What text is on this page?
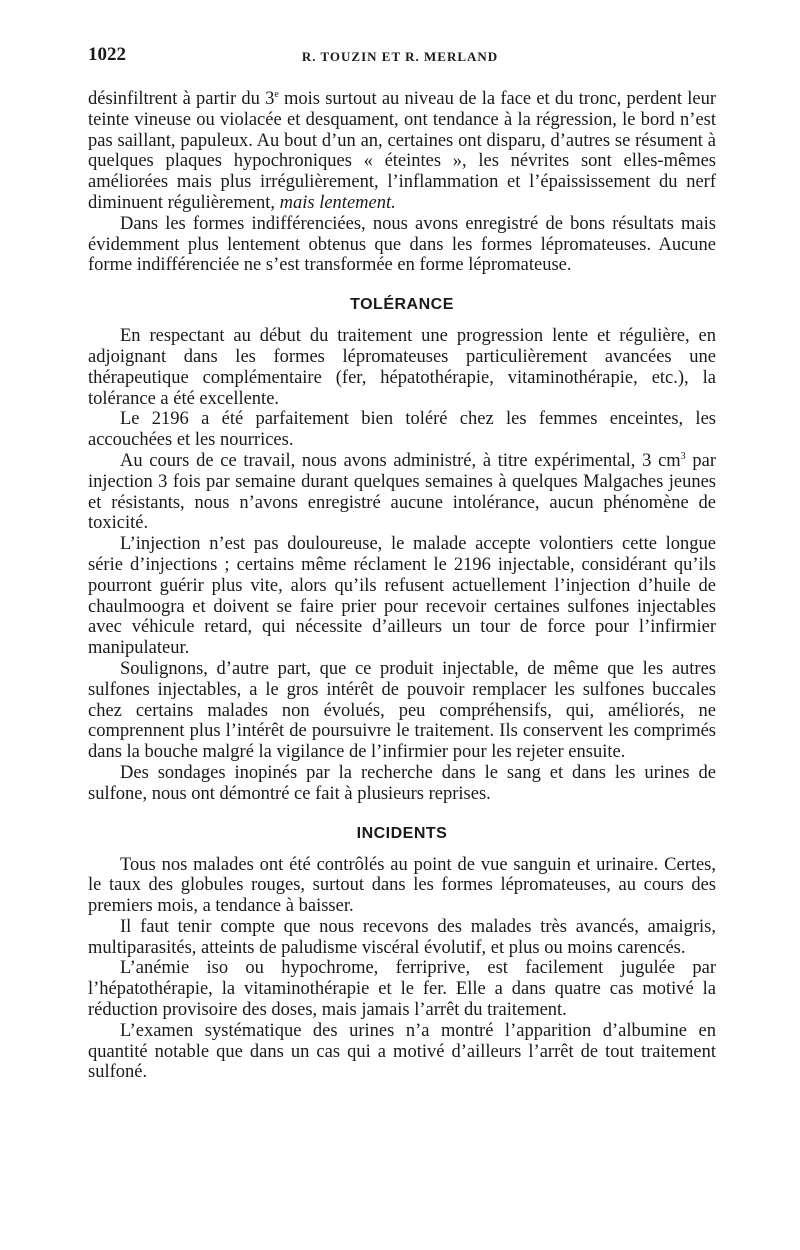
1022	R. TOUZIN ET R. MERLAND

désinfiltrent à partir du 3e mois surtout au niveau de la face et du tronc, perdent leur teinte vineuse ou violacée et desquament, ont tendance à la régression, le bord n’est pas saillant, papuleux. Au bout d’un an, certaines ont disparu, d’autres se résument à quelques plaques hypochroniques « éteintes », les névrites sont elles-mêmes améliorées mais plus irrégulièrement, l’inflammation et l’épaississement du nerf diminuent régulièrement, mais lentement.

Dans les formes indifférenciées, nous avons enregistré de bons résultats mais évidemment plus lentement obtenus que dans les formes lépromateuses. Aucune forme indifférenciée ne s’est transformée en forme lépromateuse.

TOLÉRANCE

En respectant au début du traitement une progression lente et régulière, en adjoignant dans les formes lépromateuses particulièrement avancées une thérapeutique complémentaire (fer, hépatothérapie, vitaminothérapie, etc.), la tolérance a été excellente.

Le 2196 a été parfaitement bien toléré chez les femmes enceintes, les accouchées et les nourrices.

Au cours de ce travail, nous avons administré, à titre expérimental, 3 $cm^3$ par injection 3 fois par semaine durant quelques semaines à quelques Malgaches jeunes et résistants, nous n’avons enregistré aucune intolérance, aucun phénomène de toxicité.

L’injection n’est pas douloureuse, le malade accepte volontiers cette longue série d’injections ; certains même réclament le 2196 injectable, considérant qu’ils pourront guérir plus vite, alors qu’ils refusent actuellement l’injection d’huile de chaulmoogra et doivent se faire prier pour recevoir certaines sulfones injectables avec véhicule retard, qui nécessite d’ailleurs un tour de force pour l’infirmier manipulateur.

Soulignons, d’autre part, que ce produit injectable, de même que les autres sulfones injectables, a le gros intérêt de pouvoir remplacer les sulfones buccales chez certains malades non évolués, peu compréhensifs, qui, améliorés, ne comprennent plus l’intérêt de poursuivre le traitement. Ils conservent les comprimés dans la bouche malgré la vigilance de l’infirmier pour les rejeter ensuite.

Des sondages inopinés par la recherche dans le sang et dans les urines de sulfone, nous ont démontré ce fait à plusieurs reprises.

INCIDENTS

Tous nos malades ont été contrôlés au point de vue sanguin et urinaire. Certes, le taux des globules rouges, surtout dans les formes lépromateuses, au cours des premiers mois, a tendance à baisser.

Il faut tenir compte que nous recevons des malades très avancés, amaigris, multiparasités, atteints de paludisme viscéral évolutif, et plus ou moins carencés.

L’anémie iso ou hypochrome, ferriprive, est facilement jugulée par l’hépatothérapie, la vitaminothérapie et le fer. Elle a dans quatre cas motivé la réduction provisoire des doses, mais jamais l’arrêt du traitement.

L’examen systématique des urines n’a montré l’apparition d’albumine en quantité notable que dans un cas qui a motivé d’ailleurs l’arrêt de tout traitement sulfoné.
